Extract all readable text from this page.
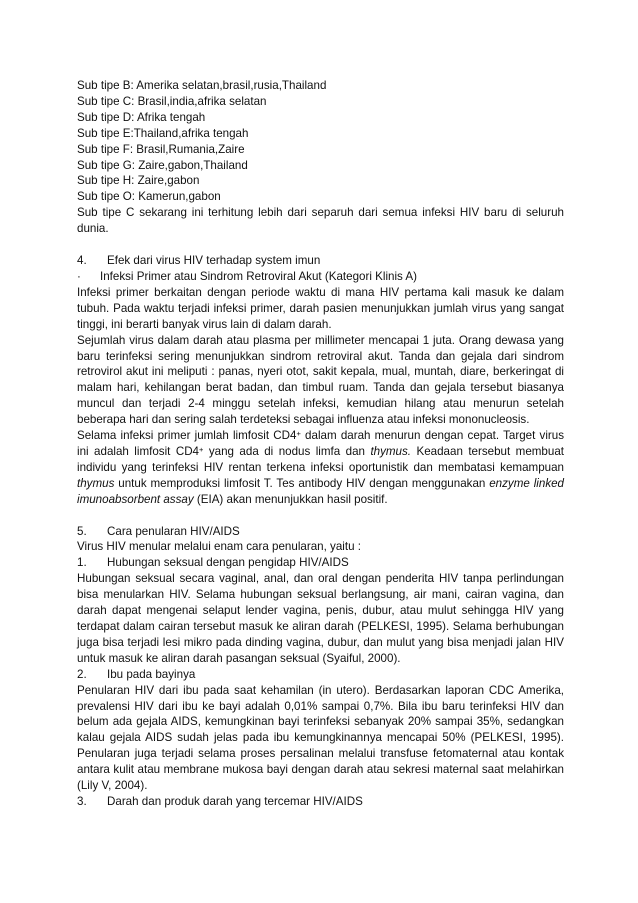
Sub tipe B: Amerika selatan,brasil,rusia,Thailand

Sub tipe C: Brasil,india,afrika selatan

Sub tipe D: Afrika tengah

Sub tipe E:Thailand,afrika tengah

Sub tipe F: Brasil,Rumania,Zaire

Sub tipe G: Zaire,gabon,Thailand

Sub tipe H: Zaire,gabon

Sub tipe O: Kamerun,gabon

Sub tipe C sekarang ini terhitung lebih dari separuh dari semua infeksi HIV baru di seluruh dunia.

4. Efek dari virus HIV terhadap system imun

· Infeksi Primer atau Sindrom Retroviral Akut (Kategori Klinis A)

Infeksi primer berkaitan dengan periode waktu di mana HIV pertama kali masuk ke dalam tubuh. Pada waktu terjadi infeksi primer, darah pasien menunjukkan jumlah virus yang sangat tinggi, ini berarti banyak virus lain di dalam darah.

Sejumlah virus dalam darah atau plasma per millimeter mencapai 1 juta. Orang dewasa yang baru terinfeksi sering menunjukkan sindrom retroviral akut. Tanda dan gejala dari sindrom retrovirol akut ini meliputi : panas, nyeri otot, sakit kepala, mual, muntah, diare, berkeringat di malam hari, kehilangan berat badan, dan timbul ruam. Tanda dan gejala tersebut biasanya muncul dan terjadi 2-4 minggu setelah infeksi, kemudian hilang atau menurun setelah beberapa hari dan sering salah terdeteksi sebagai influenza atau infeksi mononucleosis.

Selama infeksi primer jumlah limfosit CD4+ dalam darah menurun dengan cepat. Target virus ini adalah limfosit CD4+ yang ada di nodus limfa dan thymus. Keadaan tersebut membuat individu yang terinfeksi HIV rentan terkena infeksi oportunistik dan membatasi kemampuan thymus untuk memproduksi limfosit T. Tes antibody HIV dengan menggunakan enzyme linked imunoabsorbent assay (EIA) akan menunjukkan hasil positif.

5. Cara penularan HIV/AIDS

Virus HIV menular melalui enam cara penularan, yaitu :

1. Hubungan seksual dengan pengidap HIV/AIDS

Hubungan seksual secara vaginal, anal, dan oral dengan penderita HIV tanpa perlindungan bisa menularkan HIV. Selama hubungan seksual berlangsung, air mani, cairan vagina, dan darah dapat mengenai selaput lender vagina, penis, dubur, atau mulut sehingga HIV yang terdapat dalam cairan tersebut masuk ke aliran darah (PELKESI, 1995). Selama berhubungan juga bisa terjadi lesi mikro pada dinding vagina, dubur, dan mulut yang bisa menjadi jalan HIV untuk masuk ke aliran darah pasangan seksual (Syaiful, 2000).

2. Ibu pada bayinya

Penularan HIV dari ibu pada saat kehamilan (in utero). Berdasarkan laporan CDC Amerika, prevalensi HIV dari ibu ke bayi adalah 0,01% sampai 0,7%. Bila ibu baru terinfeksi HIV dan belum ada gejala AIDS, kemungkinan bayi terinfeksi sebanyak 20% sampai 35%, sedangkan kalau gejala AIDS sudah jelas pada ibu kemungkinannya mencapai 50% (PELKESI, 1995). Penularan juga terjadi selama proses persalinan melalui transfuse fetomaternal atau kontak antara kulit atau membrane mukosa bayi dengan darah atau sekresi maternal saat melahirkan (Lily V, 2004).

3. Darah dan produk darah yang tercemar HIV/AIDS
